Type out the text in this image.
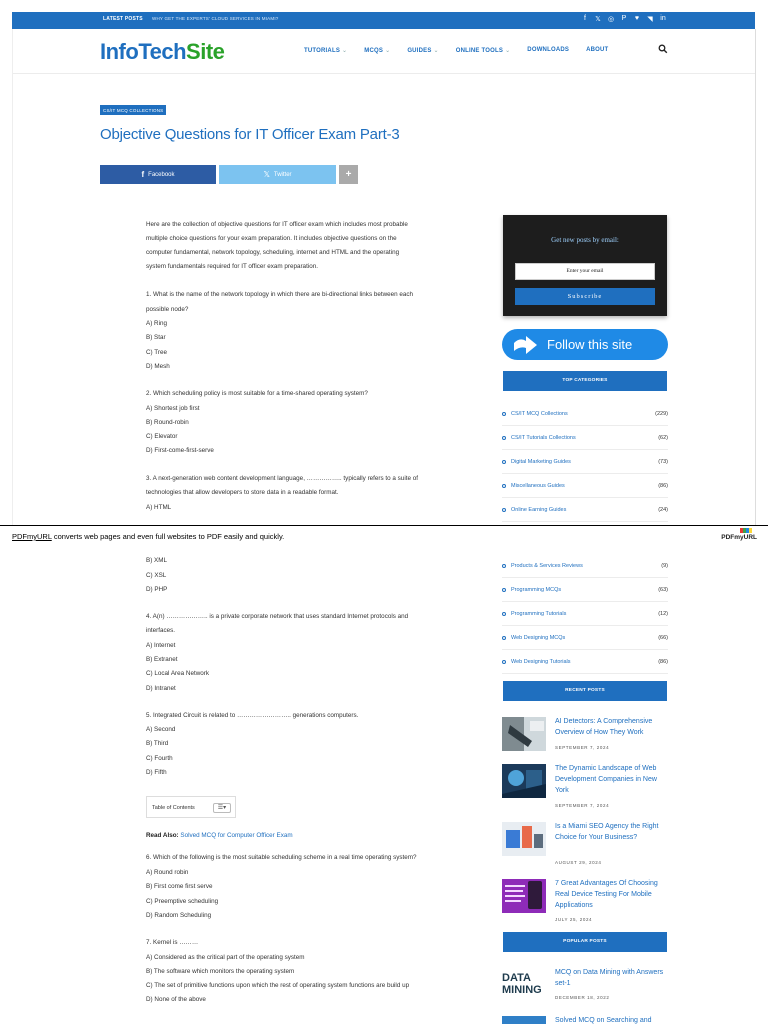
LATEST POSTS WHY GET THE EXPERTS' CLOUD SERVICES IN MIAMI?	f	𝕏 ◎ P ♥ ◥ in
InfoTechSite	TUTORIALS ⌄	MCQS ⌄	GUIDES ⌄	ONLINE TOOLS ⌄	DOWNLOADS	ABOUT
CS/IT MCQ COLLECTIONS
Objective Questions for IT Officer Exam Part-3
f Facebook	𝕏 Twitter	+

Here are the collection of objective questions for IT officer exam which includes most probable

multiple choice questions for your exam preparation. It includes objective questions on the

computer fundamental, network topology, scheduling, internet and HTML and the operating

system fundamentals required for IT officer exam preparation.

1. What is the name of the network topology in which there are bi-directional links between each

possible node?

A) Ring

B) Star

C) Tree

D) Mesh

2. Which scheduling policy is most suitable for a time-shared operating system?

A) Shortest job first

B) Round-robin

C) Elevator

D) First-come-first-serve

3. A next-generation web content development language, …………….. typically refers to a suite of

technologies that allow developers to store data in a readable format.

A) HTML

B) XML

C) XSL

D) PHP

4. A(n) ……………….. is a private corporate network that uses standard Internet protocols and

interfaces.

A) Internet

B) Extranet

C) Local Area Network

D) Intranet

5. Integrated Circuit is related to …………………….. generations computers.

A) Second

B) Third

C) Fourth

D) Fifth

Read Also: Solved MCQ for Computer Officer Exam

6. Which of the following is the most suitable scheduling scheme in a real time operating system?

A) Round robin

B) First come first serve

C) Preemptive scheduling

D) Random Scheduling

7. Kernel is ………

A) Considered as the critical part of the operating system

B) The software which monitors the operating system

C) The set of primitive functions upon which the rest of operating system functions are build up

D) None of the above

Table of Contents	☰▾
Get new posts by email:
Enter your email
Subscribe
Follow this site
TOP CATEGORIES
CS/IT MCQ Collections	(229)
CS/IT Tutorials Collections	(62)
Digital Marketing Guides	(73)
Miscellaneous Guides	(86)
Online Earning Guides	(24)
Products & Services Reviews	(9)
Programming MCQs	(63)
Programming Tutorials	(12)
Web Designing MCQs	(66)
Web Designing Tutorials	(86)
RECENT POSTS
AI Detectors: A Comprehensive Overview of How They Work
SEPTEMBER 7, 2024
The Dynamic Landscape of Web Development Companies in New York
SEPTEMBER 7, 2024
Is a Miami SEO Agency the Right Choice for Your Business?
AUGUST 29, 2024
7 Great Advantages Of Choosing Real Device Testing For Mobile Applications
JULY 25, 2024
POPULAR POSTS
DATA MINING
MCQ on Data Mining with Answers set-1
DECEMBER 18, 2022
Solved MCQ on Searching and
PDFmyURL converts web pages and even full websites to PDF easily and quickly.	PDFmyURL
